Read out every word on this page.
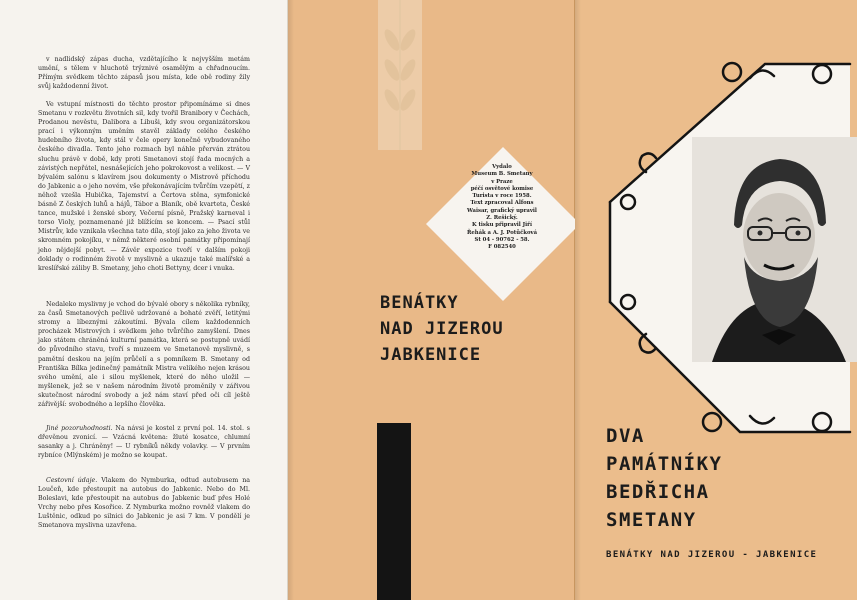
v nadlidský zápas ducha, vzdětajícího k nejvyšším metám umění, s tělem v hluchotě trýznivé osamělým a chřadnoucím. Přímým svědkem těchto zápasů jsou místa, kde obě rodiny žily svůj každodenní život.

Ve vstupní místnosti do těchto prostor připomínáme si dnes Smetanu v rozkvětu životních sil, kdy tvořil Branibory v Čechách, Prodanou nevěstu, Dalibora a Libuši, kdy svou organizátorskou prací i výkonným uměním stavěl základy celého českého hudebního života, kdy stál v čele opery konečně vybudovaného českého divadla. Tento jeho rozmach byl náhle přerván ztrátou sluchu právě v době, kdy proti Smetanovi stojí řada mocných a závistých nepřátel, nesnášejících jeho pokrokovost a velikost. — V bývalém salónu s klavírem jsou dokumenty o Mistrově příchodu do Jabkenic a o jeho novém, vše překonávajícím tvůrčím vzepětí, z něhož vzešla Hubička, Tajemství a Čertova stěna, symfonické básně Z českých luhů a hájů, Tábor a Blaník, obě kvarteta, České tance, mužské i ženské sbory, Večerní písně, Pražský karneval i torso Violy, poznamenané již blížícím se koncem. — Psací stůl Mistrův, kde vznikala všechna tato díla, stojí jako za jeho života ve skromném pokojíku, v němž některé osobní památky připomínají jeho nějdejší pobyt. — Závěr expozice tvoří v dalším pokoji doklady o rodinném životě v myslivně a ukazuje také malířské a kreslířské záliby B. Smetany, jeho choti Bettyny, dcer i vnuka.

Nedaleko myslivny je vchod do bývalé obory s několika rybníky, za časů Smetanových pečlivě udržované a bohaté zvěří, letitými stromy a líbeznými zákoutími. Bývala cílem každodenních procházek Mistrových i svědkem jeho tvůrčího zamyšlení. Dnes jako státem chráněná kulturní památka, která se postupně uvádí do původního stavu, tvoří s muzeem ve Smetanově myslivně, s pamětní deskou na jejím průčelí a s pomníkem B. Smetany od Františka Bílka jedinečný památník Mistra velikého nejen krásou svého umění, ale i silou myšlenek, které do něho uložil — myšlenek, jež se v našem národním životě proměnily v zářivou skutečnost národní svobody a jež nám staví před oči cíl ještě zářivější: svobodného a lepšího člověka.

Jiné pozoruhodnosti. Na návsi je kostel z první pol. 14. stol. s dřevěnou zvonicí. — Vzácná květena: žluté kosatce, chlumní sasanky a j. Chráněny! — U rybníků někdy volavky. — V prvním rybníce (Mlýnském) je možno se koupat.

Cestovní údaje. Vlakem do Nymburka, odtud autobusem na Loučeň, kde přestoupit na autobus do Jabkenic. Nebo do Ml. Boleslavi, kde přestoupit na autobus do Jabkenic buď přes Holé Vrchy nebo přes Kosořice. Z Nymburka možno rovněž vlakem do Luštěnic, odkud po silnici do Jabkenic je asi 7 km. V pondělí je Smetanova myslivna uzavřena.

Vydalo
Museum B. Smetany
v Praze
péčí osvětové komise
Turista v roce 1958.
Text zpracoval Alfons
Waisar, grafický upravil
Z. Rešický.
K tisku připravil Jiří
Řehák a A. J. Potůčková
St 04 - 90762 - 58.
F 082540
BENÁTKY
NAD JIZEROU
JABKENICE
DVA
PAMÁTNÍKY
BEDŘICHA
SMETANY
BENÁTKY NAD JIZEROU - JABKENICE
